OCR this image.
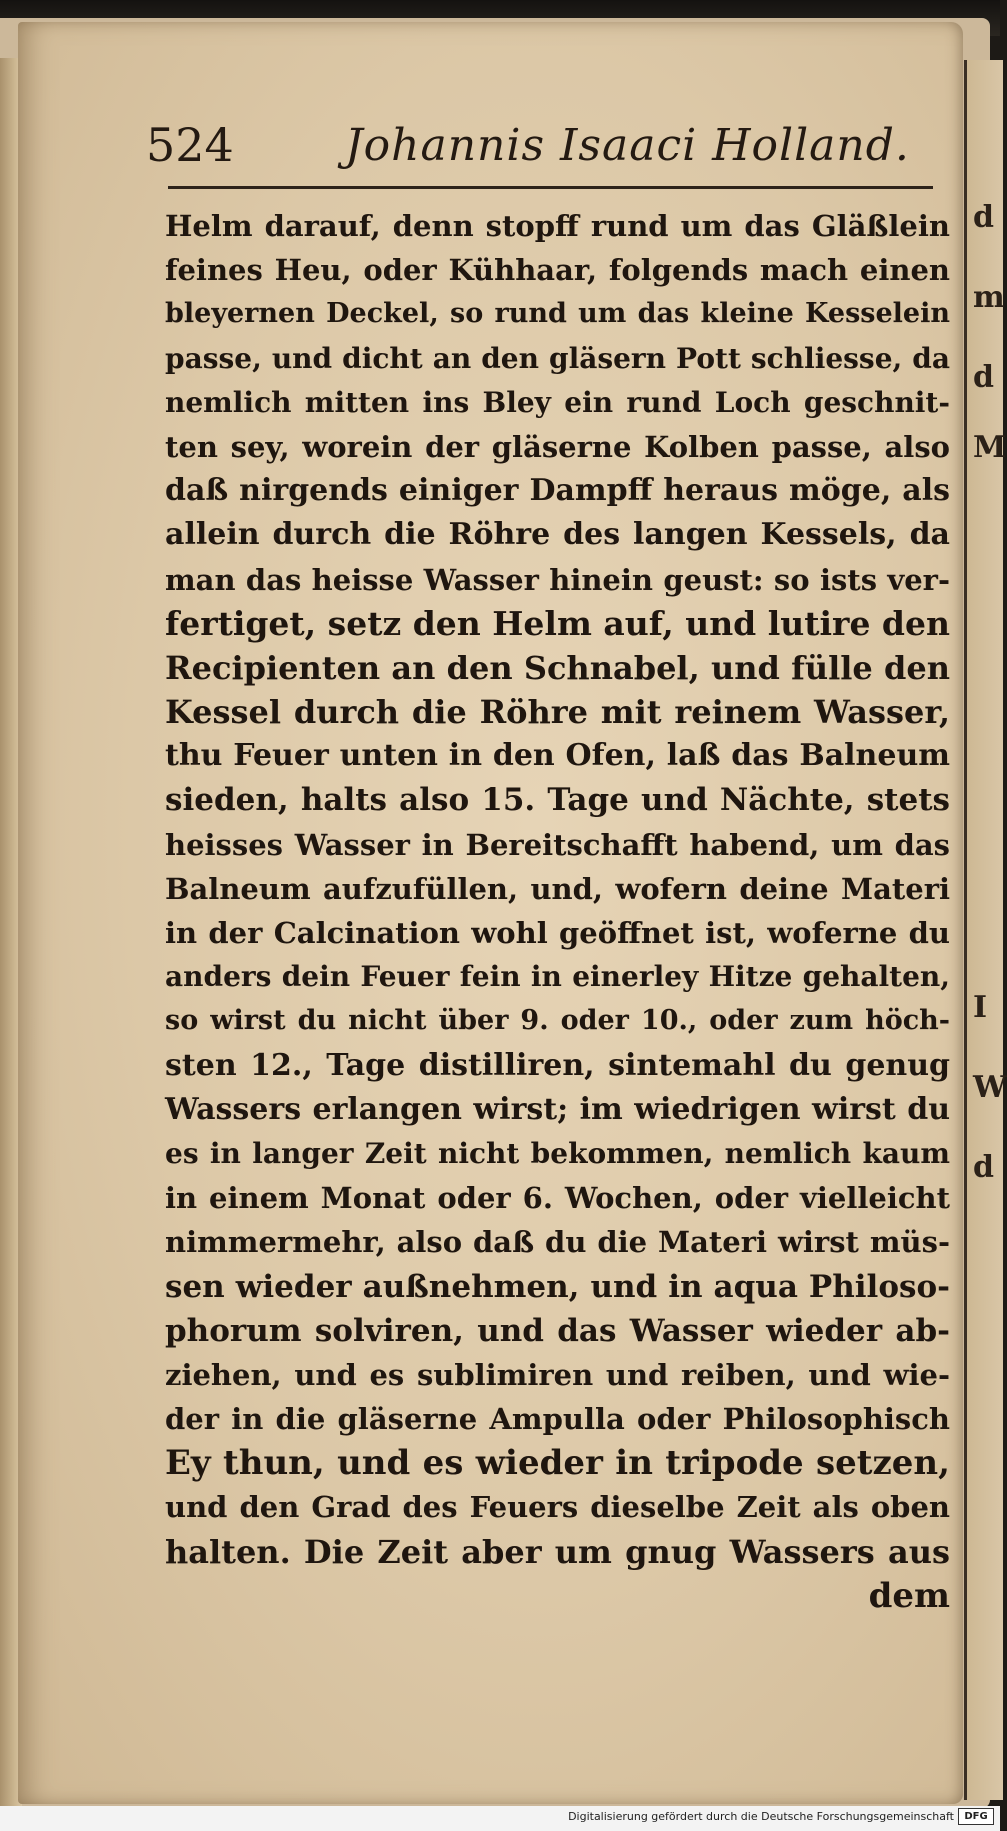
d
m
d
M
I
W
d
524	Johannis Isaaci Holland.
Helm darauf, denn stopff rund um das Gläßlein
feines Heu, oder Kühhaar, folgends mach einen
bleyernen Deckel, so rund um das kleine Kesselein
passe, und dicht an den gläsern Pott schliesse, da
nemlich mitten ins Bley ein rund Loch geschnit-
ten sey, worein der gläserne Kolben passe, also
daß nirgends einiger Dampff heraus möge, als
allein durch die Röhre des langen Kessels, da
man das heisse Wasser hinein geust: so ists ver-
fertiget, setz den Helm auf, und lutire den
Recipienten an den Schnabel, und fülle den
Kessel durch die Röhre mit reinem Wasser,
thu Feuer unten in den Ofen, laß das Balneum
sieden, halts also 15. Tage und Nächte, stets
heisses Wasser in Bereitschafft habend, um das
Balneum aufzufüllen, und, wofern deine Materi
in der Calcination wohl geöffnet ist, woferne du
anders dein Feuer fein in einerley Hitze gehalten,
so wirst du nicht über 9. oder 10., oder zum höch-
sten 12., Tage distilliren, sintemahl du genug
Wassers erlangen wirst; im wiedrigen wirst du
es in langer Zeit nicht bekommen, nemlich kaum
in einem Monat oder 6. Wochen, oder vielleicht
nimmermehr, also daß du die Materi wirst müs-
sen wieder außnehmen, und in aqua Philoso-
phorum solviren, und das Wasser wieder ab-
ziehen, und es sublimiren und reiben, und wie-
der in die gläserne Ampulla oder Philosophisch
Ey thun, und es wieder in tripode setzen,
und den Grad des Feuers dieselbe Zeit als oben
halten. Die Zeit aber um gnug Wassers aus
dem
Digitalisierung gefördert durch die Deutsche Forschungsgemeinschaft	DFG
